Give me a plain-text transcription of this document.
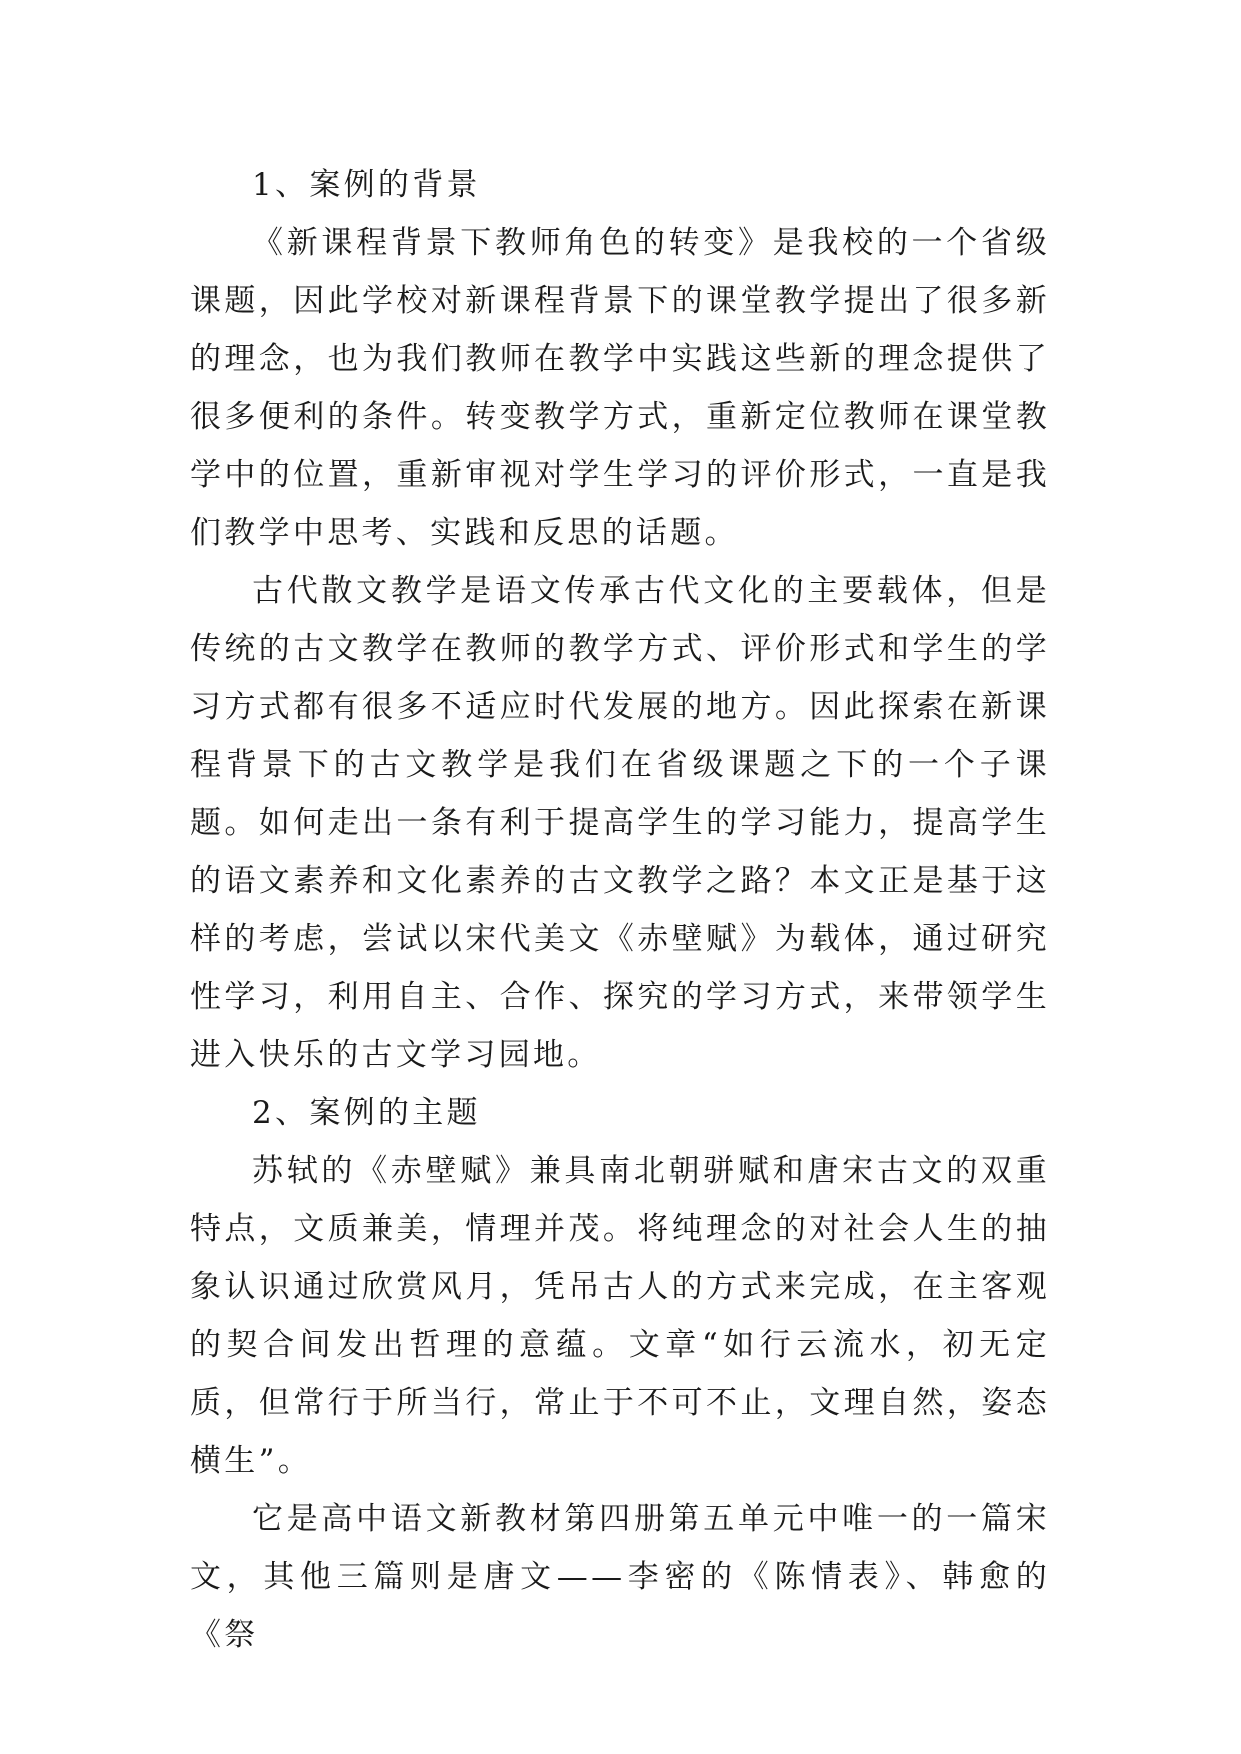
1、案例的背景

《新课程背景下教师角色的转变》是我校的一个省级课题，因此学校对新课程背景下的课堂教学提出了很多新的理念，也为我们教师在教学中实践这些新的理念提供了很多便利的条件。转变教学方式，重新定位教师在课堂教学中的位置，重新审视对学生学习的评价形式，一直是我们教学中思考、实践和反思的话题。

古代散文教学是语文传承古代文化的主要载体，但是传统的古文教学在教师的教学方式、评价形式和学生的学习方式都有很多不适应时代发展的地方。因此探索在新课程背景下的古文教学是我们在省级课题之下的一个子课题。如何走出一条有利于提高学生的学习能力，提高学生的语文素养和文化素养的古文教学之路？本文正是基于这样的考虑，尝试以宋代美文《赤壁赋》为载体，通过研究性学习，利用自主、合作、探究的学习方式，来带领学生进入快乐的古文学习园地。

2、案例的主题

苏轼的《赤壁赋》兼具南北朝骈赋和唐宋古文的双重特点，文质兼美，情理并茂。将纯理念的对社会人生的抽象认识通过欣赏风月，凭吊古人的方式来完成，在主客观的契合间发出哲理的意蕴。文章“如行云流水，初无定质，但常行于所当行，常止于不可不止，文理自然，姿态横生”。

它是高中语文新教材第四册第五单元中唯一的一篇宋文，其他三篇则是唐文——李密的《陈情表》、韩愈的《祭
